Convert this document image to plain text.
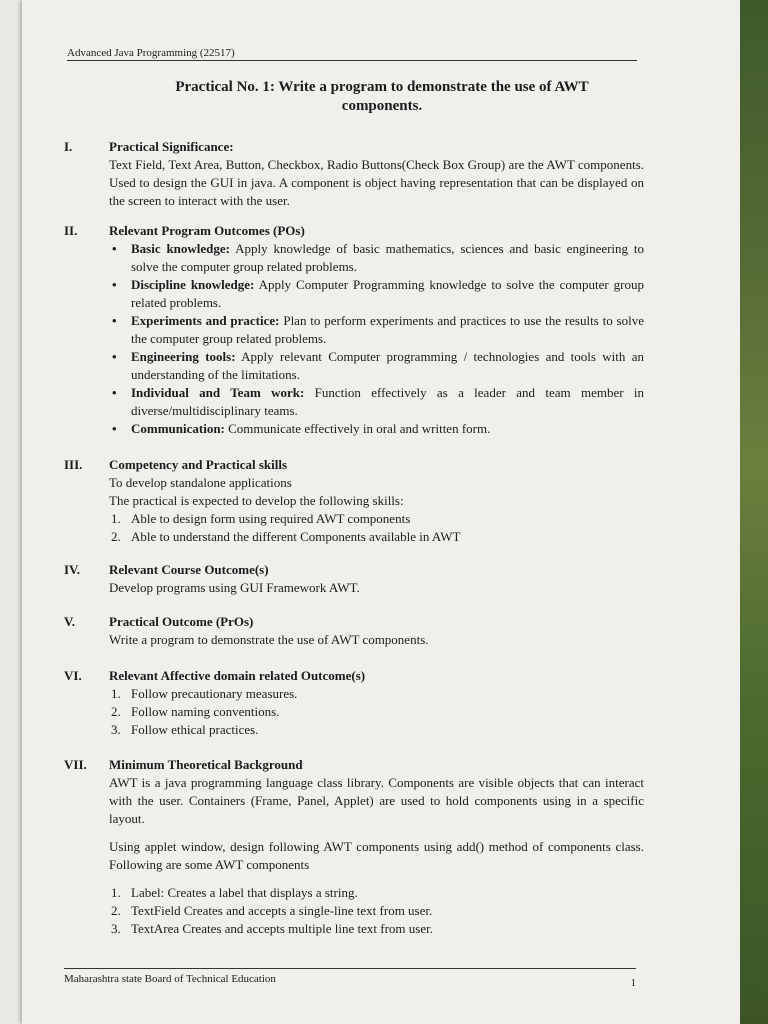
Advanced Java Programming (22517)
Practical No. 1: Write a program to demonstrate the use of AWT components.
I.	Practical Significance:
Text Field, Text Area, Button, Checkbox, Radio Buttons(Check Box Group) are the AWT components. Used to design the GUI in java. A component is object having representation that can be displayed on the screen to interact with the user.
II.	Relevant Program Outcomes (POs)
• Basic knowledge: Apply knowledge of basic mathematics, sciences and basic engineering to solve the computer group related problems.
• Discipline knowledge: Apply Computer Programming knowledge to solve the computer group related problems.
• Experiments and practice: Plan to perform experiments and practices to use the results to solve the computer group related problems.
• Engineering tools: Apply relevant Computer programming / technologies and tools with an understanding of the limitations.
• Individual and Team work: Function effectively as a leader and team member in diverse/multidisciplinary teams.
• Communication: Communicate effectively in oral and written form.
III.	Competency and Practical skills
To develop standalone applications
The practical is expected to develop the following skills:
1. Able to design form using required AWT components
2. Able to understand the different Components available in AWT
IV.	Relevant Course Outcome(s)
Develop programs using GUI Framework AWT.
V.	Practical Outcome (PrOs)
Write a program to demonstrate the use of AWT components.
VI.	Relevant Affective domain related Outcome(s)
1. Follow precautionary measures.
2. Follow naming conventions.
3. Follow ethical practices.
VII.	Minimum Theoretical Background
AWT is a java programming language class library. Components are visible objects that can interact with the user. Containers (Frame, Panel, Applet) are used to hold components using in a specific layout.
Using applet window, design following AWT components using add() method of components class. Following are some AWT components
1. Label: Creates a label that displays a string.
2. TextField Creates and accepts a single-line text from user.
3. TextArea Creates and accepts multiple line text from user.
Maharashtra state Board of Technical Education	1
